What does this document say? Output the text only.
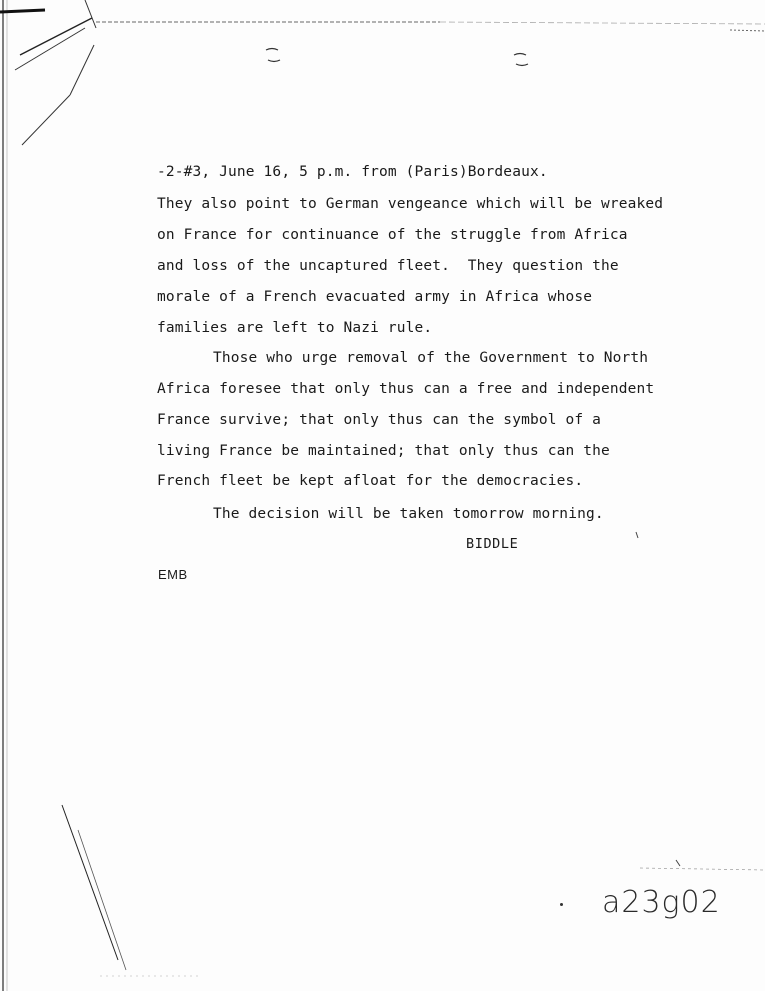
-2-#3, June 16, 5 p.m. from (Paris)Bordeaux.
They also point to German vengeance which will be wreaked
on France for continuance of the struggle from Africa
and loss of the uncaptured fleet.  They question the
morale of a French evacuated army in Africa whose
families are left to Nazi rule.
Those who urge removal of the Government to North
Africa foresee that only thus can a free and independent
France survive; that only thus can the symbol of a
living France be maintained; that only thus can the
French fleet be kept afloat for the democracies.
The decision will be taken tomorrow morning.
BIDDLE
EMB
a23g02
